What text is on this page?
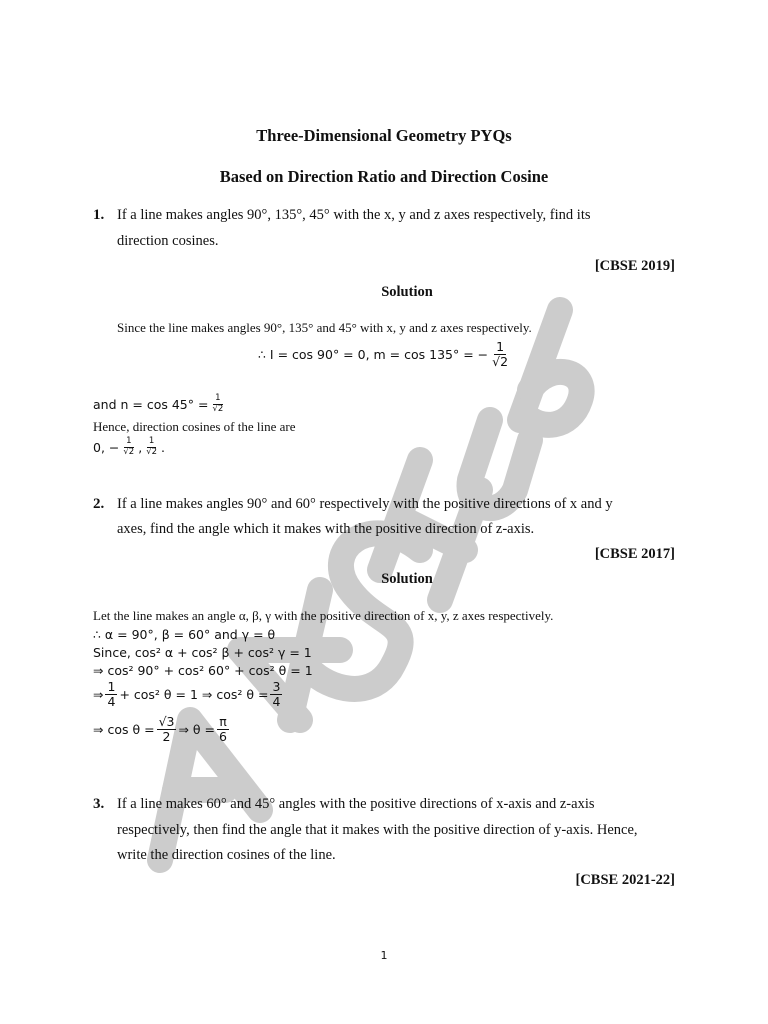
Three-Dimensional Geometry PYQs
Based on Direction Ratio and Direction Cosine
1. If a line makes angles 90°, 135°, 45° with the x, y and z axes respectively, find its
direction cosines.
[CBSE 2019]
Solution
Since the line makes angles 90°, 135° and 45° with x, y and z axes respectively.
∴ I = cos 90° = 0, m = cos 135° = − $\frac{1}{√2}$
and $n = \cos 45^\circ = \frac{1}{√2}$
Hence, direction cosines of the line are
0, − $\frac{1}{√2}$ , $\frac{1}{√2}$ .
2. If a line makes angles 90° and 60° respectively with the positive directions of x and y
axes, find the angle which it makes with the positive direction of z-axis.
[CBSE 2017]
Solution
Let the line makes an angle α, β, γ with the positive direction of x, y, z axes respectively.
∴ α = 90°, β = 60° and γ = θ
Since, cos² α + cos² β + cos² γ = 1
⇒ cos² 90° + cos² 60° + cos² θ = 1
⇒ $\frac{1}{4} + \cos^2$ θ = 1 ⇒ cos² $\theta = \frac{3}{4}$
⇒ $\cos \theta = \frac{√3}{2}$ ⇒ $\theta = \frac{\pi}{6}$
3. If a line makes 60° and 45° angles with the positive directions of x-axis and z-axis
respectively, then find the angle that it makes with the positive direction of y-axis. Hence,
write the direction cosines of the line.
[CBSE 2021-22]
1
